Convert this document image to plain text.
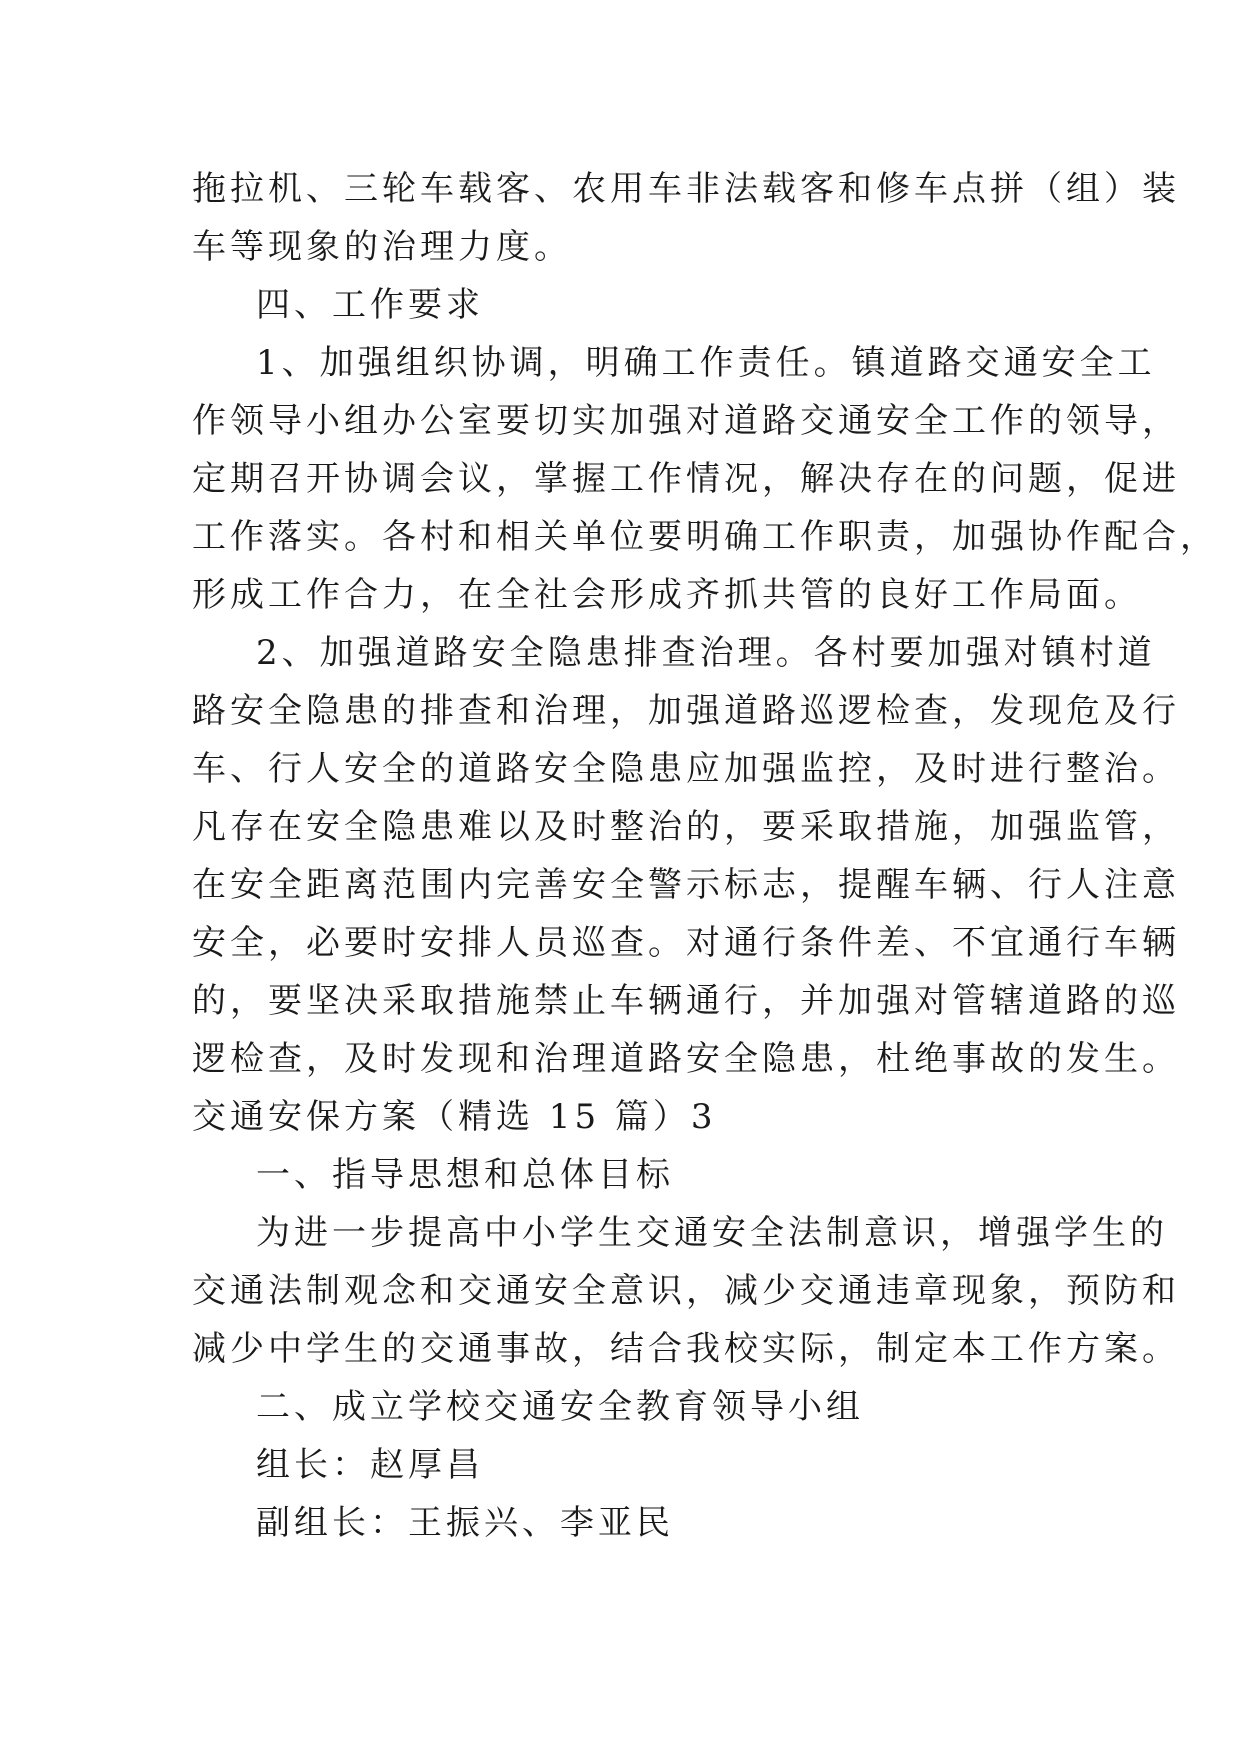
拖拉机、三轮车载客、农用车非法载客和修车点拼（组）装
车等现象的治理力度。
四、工作要求
1、加强组织协调，明确工作责任。镇道路交通安全工
作领导小组办公室要切实加强对道路交通安全工作的领导，
定期召开协调会议，掌握工作情况，解决存在的问题，促进
工作落实。各村和相关单位要明确工作职责，加强协作配合，
形成工作合力，在全社会形成齐抓共管的良好工作局面。
2、加强道路安全隐患排查治理。各村要加强对镇村道
路安全隐患的排查和治理，加强道路巡逻检查，发现危及行
车、行人安全的道路安全隐患应加强监控，及时进行整治。
凡存在安全隐患难以及时整治的，要采取措施，加强监管，
在安全距离范围内完善安全警示标志，提醒车辆、行人注意
安全，必要时安排人员巡查。对通行条件差、不宜通行车辆
的，要坚决采取措施禁止车辆通行，并加强对管辖道路的巡
逻检查，及时发现和治理道路安全隐患，杜绝事故的发生。
交通安保方案（精选 15 篇）3
一、指导思想和总体目标
为进一步提高中小学生交通安全法制意识，增强学生的
交通法制观念和交通安全意识，减少交通违章现象，预防和
减少中学生的交通事故，结合我校实际，制定本工作方案。
二、成立学校交通安全教育领导小组
组长：赵厚昌
副组长：王振兴、李亚民
